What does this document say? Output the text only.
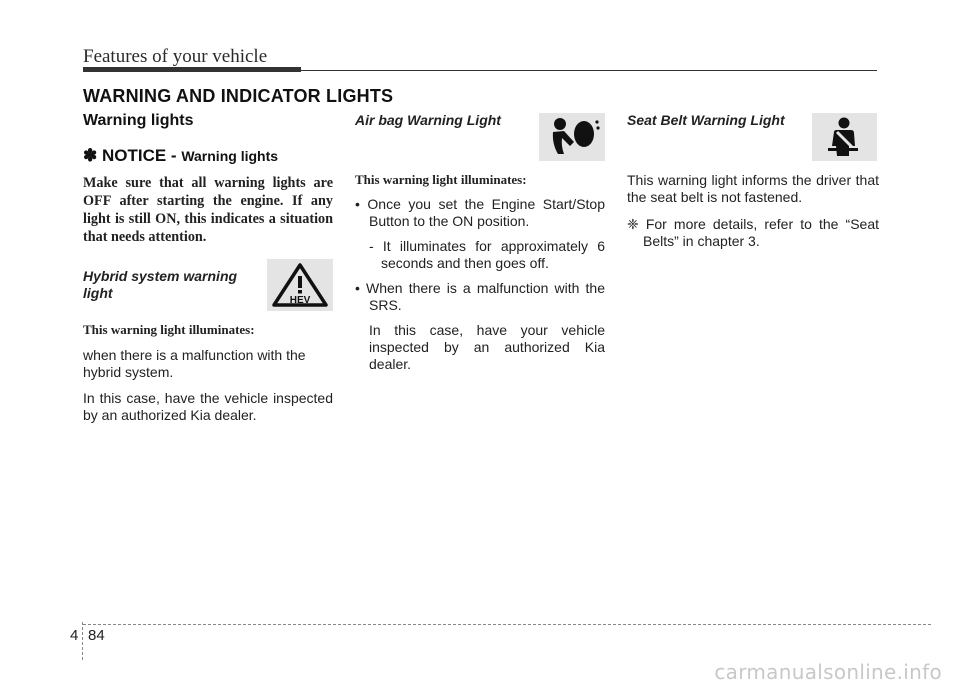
Features of your vehicle
WARNING AND INDICATOR LIGHTS

Warning lights

✽ NOTICE - Warning lights

Make sure that all warning lights are OFF after starting the engine. If any light is still ON, this indicates a situation that needs attention.

Hybrid system warning
light
This warning light illuminates:

when there is a malfunction with the hybrid system.

In this case, have the vehicle inspected by an authorized Kia dealer.

HEV
Air bag Warning Light
This warning light illuminates:

• Once you set the Engine Start/Stop Button to the ON position.

- It illuminates for approximately 6 seconds and then goes off.

• When there is a malfunction with the SRS.

In this case, have your vehicle inspected by an authorized Kia dealer.

Seat Belt Warning Light

This warning light informs the driver that the seat belt is not fastened.

❈ For more details, refer to the “Seat Belts” in chapter 3.

4 84
carmanualsonline.info
